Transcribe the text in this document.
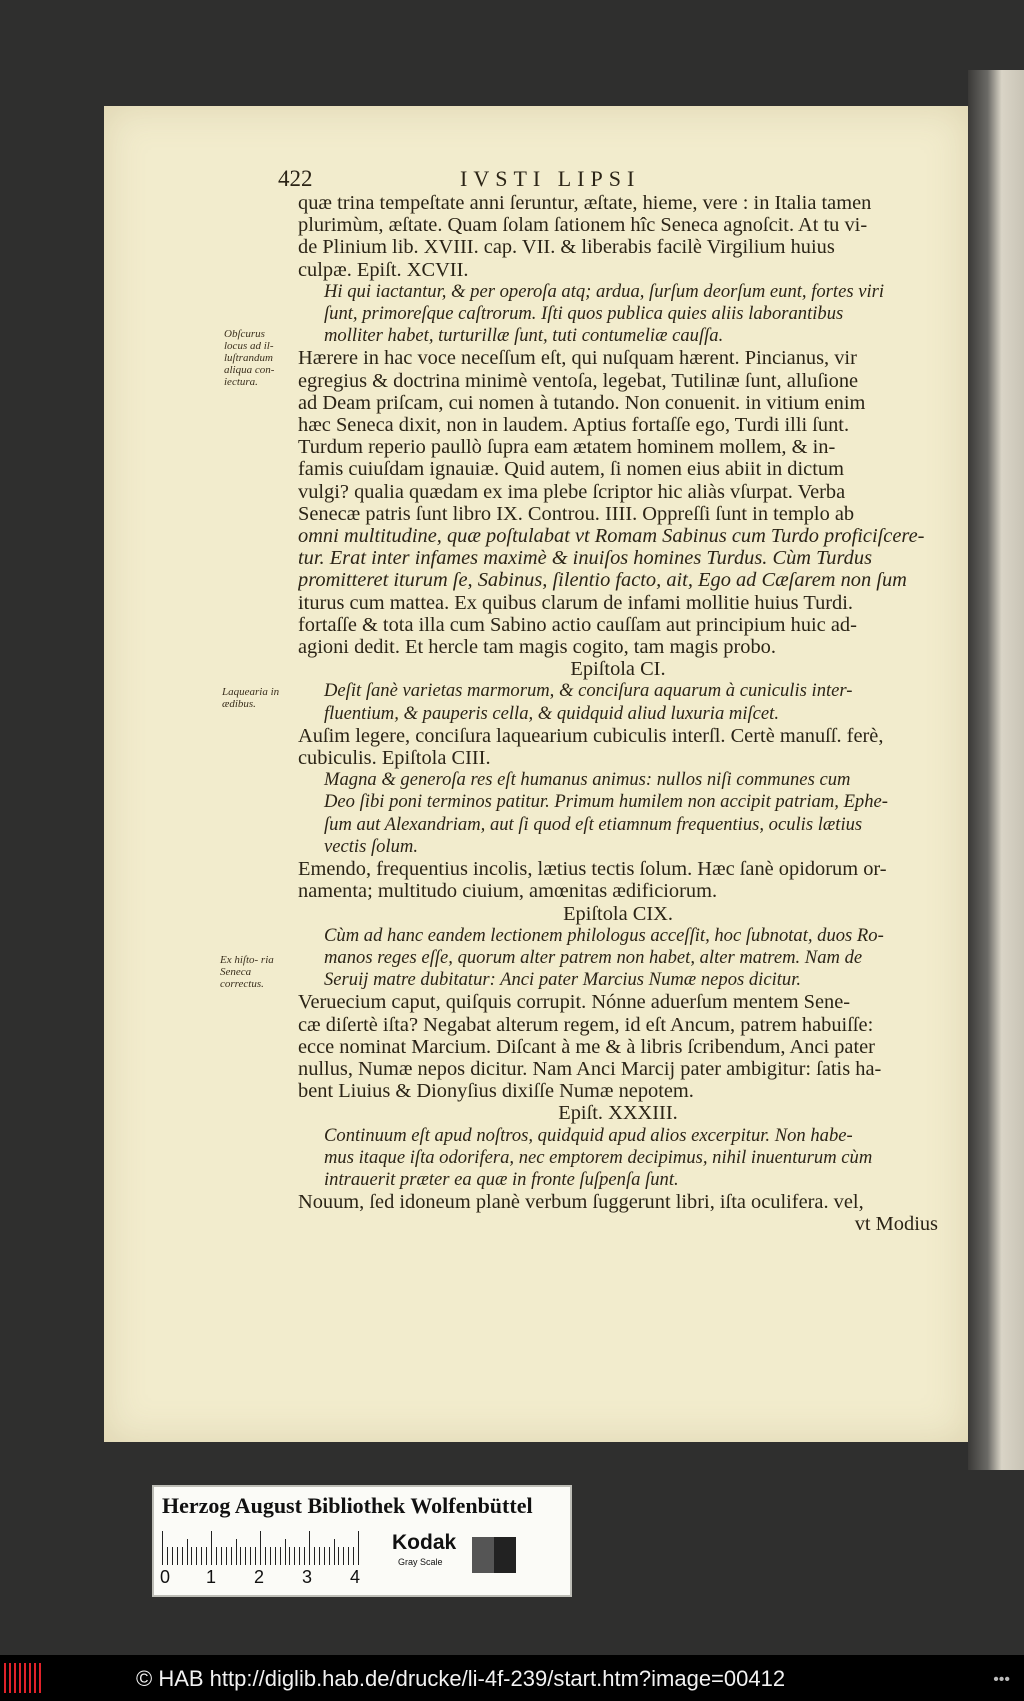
422	IVSTI LIPSI
quæ trina tempeſtate anni ſeruntur, æſtate, hieme, vere : in Italia tamen
plurimùm, æſtate. Quam ſolam ſationem hîc Seneca agnoſcit. At tu vi-
de Plinium lib. XVIII. cap. VII. & liberabis facilè Virgilium huius
culpæ. Epiſt. XCVII.
Hi qui iactantur, & per operoſa atq; ardua, ſurſum deorſum eunt, fortes viri
ſunt, primoreſque caſtrorum. Iſti quos publica quies aliis laborantibus
molliter habet, turturillæ ſunt, tuti contumeliæ cauſſa.
Hærere in hac voce neceſſum eſt, qui nuſquam hærent. Pincianus, vir
egregius & doctrina minimè ventoſa, legebat, Tutilinæ ſunt, alluſione
ad Deam priſcam, cui nomen à tutando. Non conuenit. in vitium enim
hæc Seneca dixit, non in laudem. Aptius fortaſſe ego, Turdi illi ſunt.
Turdum reperio paullò ſupra eam ætatem hominem mollem, & in-
famis cuiuſdam ignauiæ. Quid autem, ſi nomen eius abiit in dictum
vulgi? qualia quædam ex ima plebe ſcriptor hic aliàs vſurpat. Verba
Senecæ patris ſunt libro IX. Controu. IIII. Oppreſſi ſunt in templo ab
omni multitudine, quæ poſtulabat vt Romam Sabinus cum Turdo proficiſcere-
tur. Erat inter infames maximè & inuiſos homines Turdus. Cùm Turdus
promitteret iturum ſe, Sabinus, ſilentio facto, ait, Ego ad Cæſarem non ſum
iturus cum mattea. Ex quibus clarum de infami mollitie huius Turdi.
fortaſſe & tota illa cum Sabino actio cauſſam aut principium huic ad-
agioni dedit. Et hercle tam magis cogito, tam magis probo.
Epiſtola CI.
Deſit ſanè varietas marmorum, & conciſura aquarum à cuniculis inter-
fluentium, & pauperis cella, & quidquid aliud luxuria miſcet.
Auſim legere, conciſura laquearium cubiculis interſl. Certè manuſſ. ferè,
cubiculis. Epiſtola CIII.
Magna & generoſa res eſt humanus animus: nullos niſi communes cum
Deo ſibi poni terminos patitur. Primum humilem non accipit patriam, Ephe-
ſum aut Alexandriam, aut ſi quod eſt etiamnum frequentius, oculis lætius
vectis ſolum.
Emendo, frequentius incolis, lætius tectis ſolum. Hæc ſanè opidorum or-
namenta; multitudo ciuium, amœnitas ædificiorum.
Epiſtola CIX.
Cùm ad hanc eandem lectionem philologus acceſſit, hoc ſubnotat, duos Ro-
manos reges eſſe, quorum alter patrem non habet, alter matrem. Nam de
Seruij matre dubitatur: Anci pater Marcius Numæ nepos dicitur.
Veruecium caput, quiſquis corrupit. Nónne aduerſum mentem Sene-
cæ diſertè iſta? Negabat alterum regem, id eſt Ancum, patrem habuiſſe:
ecce nominat Marcium. Diſcant à me & à libris ſcribendum, Anci pater
nullus, Numæ nepos dicitur. Nam Anci Marcij pater ambigitur: ſatis ha-
bent Liuius & Dionyſius dixiſſe Numæ nepotem.
Epiſt. XXXIII.
Continuum eſt apud noſtros, quidquid apud alios excerpitur. Non habe-
mus itaque iſta odorifera, nec emptorem decipimus, nihil inuenturum cùm
intrauerit præter ea quæ in fronte ſuſpenſa ſunt.
Nouum, ſed idoneum planè verbum ſuggerunt libri, iſta oculifera. vel,
vt Modius
Obſcurus locus ad il- luſtrandum aliqua con- iectura.
Laquearia in ædibus.
Ex hiſto- ria Seneca correctus.
Herzog August Bibliothek Wolfenbüttel
0 1 2 3 4
Kodak
Gray Scale
© HAB http://diglib.hab.de/drucke/li-4f-239/start.htm?image=00412	•••
